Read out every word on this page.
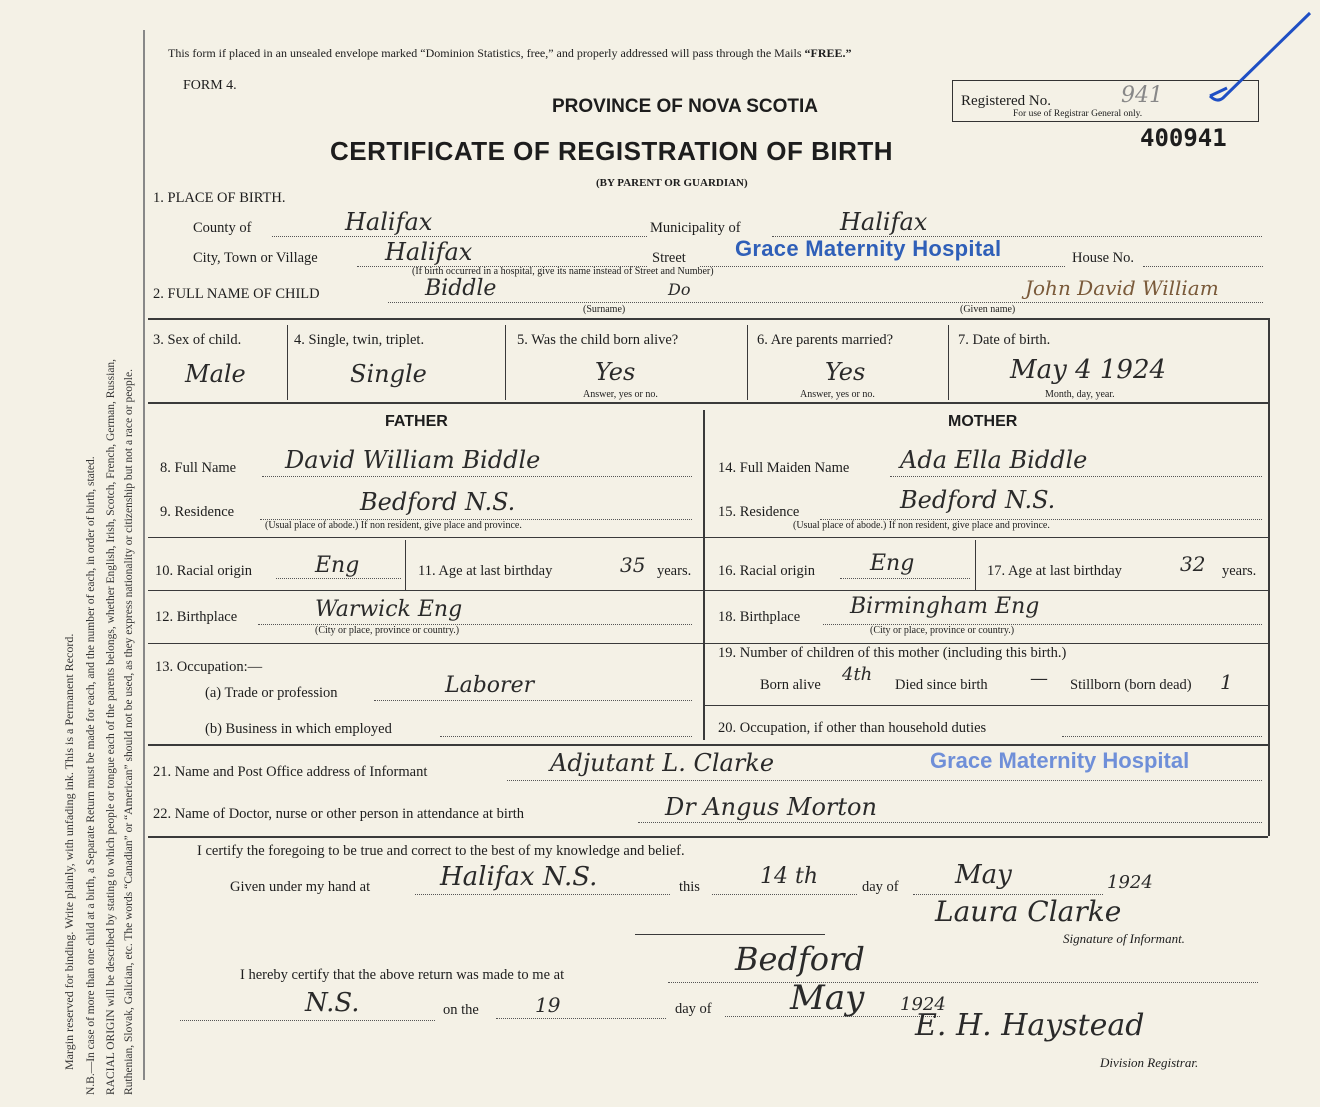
Margin reserved for binding. Write plainly, with unfading ink. This is a Permanent Record. N.B.—In case of more than one child at a birth, a Separate Return must be made for each, and the number of each, in order of birth, stated. RACIAL ORIGIN will be described by stating to which people or tongue each of the parents belongs, whether English, Irish, Scotch, French, German, Russian, Ruthenian, Slovak, Galician, etc. The words “Canadian” or “American” should not be used, as they express nationality or citizenship but not a race or people.
This form if placed in an unsealed envelope marked “Dominion Statistics, free,” and properly addressed will pass through the Mails “FREE.”
FORM 4.
PROVINCE OF NOVA SCOTIA
CERTIFICATE OF REGISTRATION OF BIRTH
(BY PARENT OR GUARDIAN)
Registered No.	941
For use of Registrar General only.
400941
1. PLACE OF BIRTH.
County of	Halifax	Municipality of	Halifax
City, Town or Village	Halifax	Street Grace Maternity Hospital	House No.
(If birth occurred in a hospital, give its name instead of Street and Number)
2. FULL NAME OF CHILD	Biddle	Do	John David William
(Surname)	(Given name)
3. Sex of child.
Male
4. Single, twin, triplet.
Single
5. Was the child born alive?
Yes
Answer, yes or no.
6. Are parents married?
Yes
Answer, yes or no.
7. Date of birth.
May 4 1924
Month, day, year.
FATHER	MOTHER
8. Full Name David William Biddle
9. Residence	Bedford N.S.
(Usual place of abode.) If non resident, give place and province.
10. Racial origin	Eng	11. Age at last birthday	35 years.
12. Birthplace	Warwick Eng
(City or place, province or country.)
13. Occupation:—
(a) Trade or profession	Laborer
(b) Business in which employed
14. Full Maiden Name Ada Ella Biddle
15. Residence	Bedford N.S.
(Usual place of abode.) If non resident, give place and province.
16. Racial origin Eng	17. Age at last birthday	32 years.
18. Birthplace Birmingham Eng
(City or place, province or country.)
19. Number of children of this mother (including this birth.)
Born alive 4th Died since birth — Stillborn (born dead) 1
20. Occupation, if other than household duties
21. Name and Post Office address of Informant	Adjutant L. Clarke	Grace Maternity Hospital
22. Name of Doctor, nurse or other person in attendance at birth	Dr Angus Morton
I certify the foregoing to be true and correct to the best of my knowledge and belief.
Given under my hand at	Halifax N.S.	this	14 th	day of May	1924
Laura Clarke
Signature of Informant.
I hereby certify that the above return was made to me at	Bedford
N.S.	on the	19	day of May 1924
E. H. Haystead
Division Registrar.
